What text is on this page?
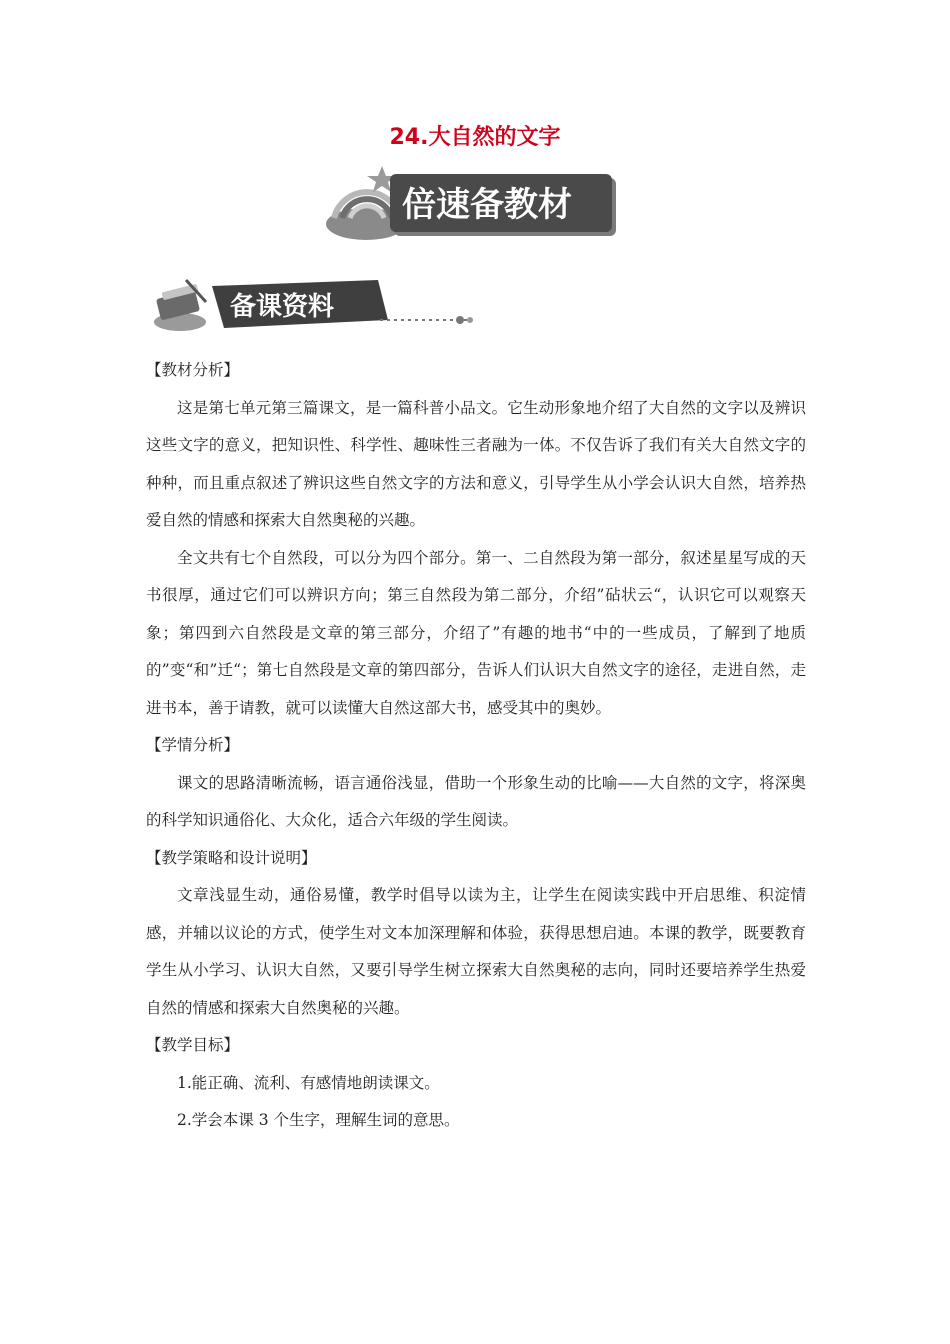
24.大自然的文字
倍速备教材
备课资料

【教材分析】

这是第七单元第三篇课文，是一篇科普小品文。它生动形象地介绍了大自然的文字以及辨识这些文字的意义，把知识性、科学性、趣味性三者融为一体。不仅告诉了我们有关大自然文字的种种，而且重点叙述了辨识这些自然文字的方法和意义，引导学生从小学会认识大自然，培养热爱自然的情感和探索大自然奥秘的兴趣。

全文共有七个自然段，可以分为四个部分。第一、二自然段为第一部分，叙述星星写成的天书很厚，通过它们可以辨识方向；第三自然段为第二部分，介绍”砧状云“，认识它可以观察天象；第四到六自然段是文章的第三部分，介绍了”有趣的地书“中的一些成员，了解到了地质的”变“和”迁“；第七自然段是文章的第四部分，告诉人们认识大自然文字的途径，走进自然，走进书本，善于请教，就可以读懂大自然这部大书，感受其中的奥妙。

【学情分析】

课文的思路清晰流畅，语言通俗浅显，借助一个形象生动的比喻——大自然的文字，将深奥的科学知识通俗化、大众化，适合六年级的学生阅读。

【教学策略和设计说明】

文章浅显生动，通俗易懂，教学时倡导以读为主，让学生在阅读实践中开启思维、积淀情感，并辅以议论的方式，使学生对文本加深理解和体验，获得思想启迪。本课的教学，既要教育学生从小学习、认识大自然，又要引导学生树立探索大自然奥秘的志向，同时还要培养学生热爱自然的情感和探索大自然奥秘的兴趣。

【教学目标】

1.能正确、流利、有感情地朗读课文。

2.学会本课 3 个生字，理解生词的意思。
